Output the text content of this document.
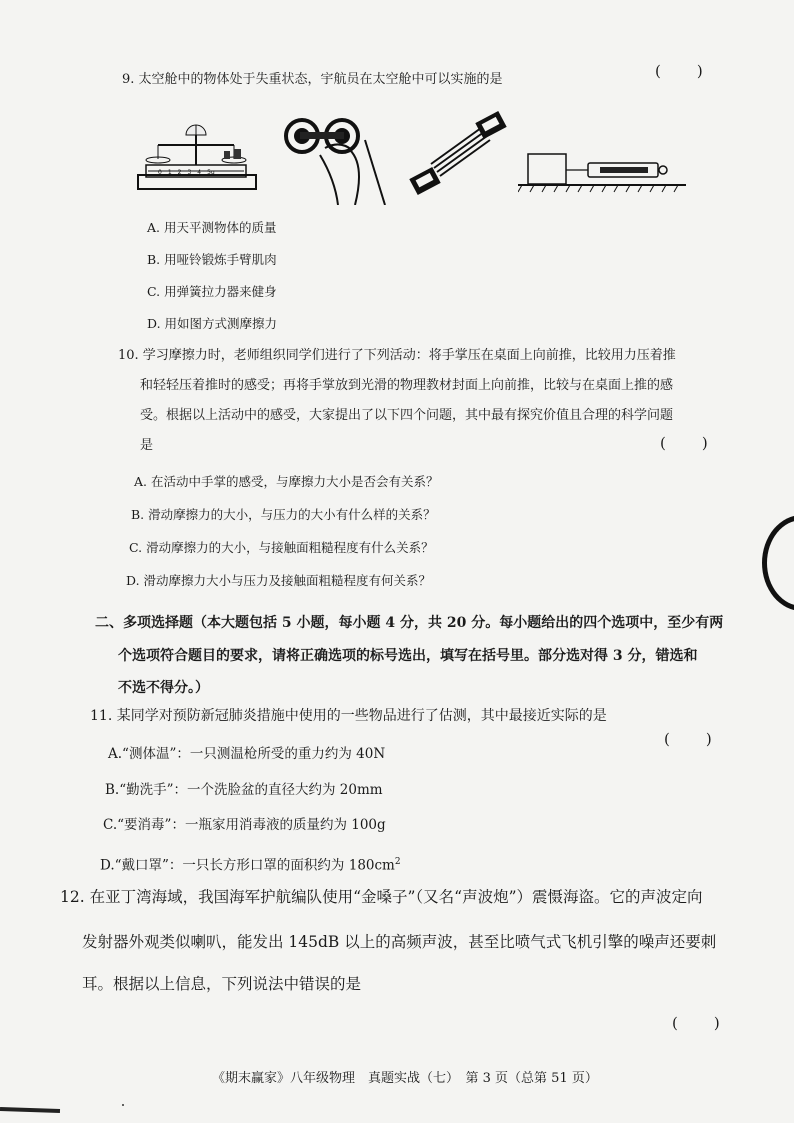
9. 太空舱中的物体处于失重状态，宇航员在太空舱中可以实施的是	(　　)
0　1　2　3　4　5g
A. 用天平测物体的质量
B. 用哑铃锻炼手臂肌肉
C. 用弹簧拉力器来健身
D. 用如图方式测摩擦力
10. 学习摩擦力时，老师组织同学们进行了下列活动：将手掌压在桌面上向前推，比较用力压着推
和轻轻压着推时的感受；再将手掌放到光滑的物理教材封面上向前推，比较与在桌面上推的感
受。根据以上活动中的感受，大家提出了以下四个问题，其中最有探究价值且合理的科学问题
是	(　　)
A. 在活动中手掌的感受，与摩擦力大小是否会有关系？
B. 滑动摩擦力的大小，与压力的大小有什么样的关系？
C. 滑动摩擦力的大小，与接触面粗糙程度有什么关系？
D. 滑动摩擦力大小与压力及接触面粗糙程度有何关系？
二、多项选择题（本大题包括 5 小题，每小题 4 分，共 20 分。每小题给出的四个选项中，至少有两
个选项符合题目的要求，请将正确选项的标号选出，填写在括号里。部分选对得 3 分，错选和
不选不得分。）
11. 某同学对预防新冠肺炎措施中使用的一些物品进行了估测，其中最接近实际的是
(　　)
A.“测体温”：一只测温枪所受的重力约为 40N
B.“勤洗手”：一个洗脸盆的直径大约为 20mm
C.“要消毒”：一瓶家用消毒液的质量约为 100g
D.“戴口罩”：一只长方形口罩的面积约为 $180cm^2$
12. 在亚丁湾海域，我国海军护航编队使用“金嗓子”（又名“声波炮”）震慑海盗。它的声波定向
发射器外观类似喇叭，能发出 145dB 以上的高频声波，甚至比喷气式飞机引擎的噪声还要刺
耳。根据以上信息，下列说法中错误的是
(　　)
《期末赢家》八年级物理　真题实战（七）　第 3 页（总第 51 页）
